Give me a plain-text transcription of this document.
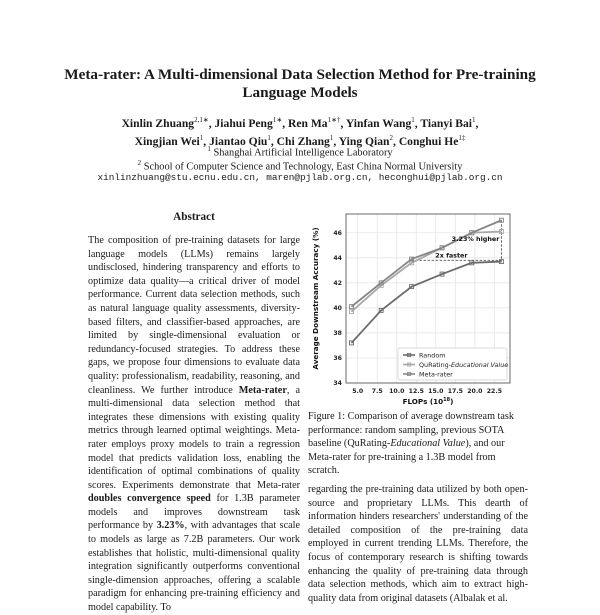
Meta-rater: A Multi-dimensional Data Selection Method for Pre-training
Language Models
Xinlin Zhuang$^{2,1∗}$, Jiahui Peng$^{1∗}$, Ren $Ma^{1∗\dagger}$, Yinfan Wang$^1$, Tianyi Bai$^1$,
Xingjian Wei$^1$, Jiantao Qiu$^1$, Chi Zhang$^1$, Ying Qian$^2$, Conghui $He^{1\ddagger}$
$^1$ Shanghai Artificial Intelligence Laboratory
$^2$ School of Computer Science and Technology, East China Normal University
xinlinzhuang@stu.ecnu.edu.cn, maren@pjlab.org.cn, heconghui@pjlab.org.cn
Abstract
The composition of pre-training datasets for large language models (LLMs) remains largely undisclosed, hindering transparency and efforts to optimize data quality—a critical driver of model performance. Current data selection methods, such as natural language quality assessments, diversity-based filters, and classifier-based approaches, are limited by single-dimensional evaluation or redundancy-focused strategies. To address these gaps, we propose four dimensions to evaluate data quality: professionalism, readability, reasoning, and cleanliness. We further introduce Meta-rater, a multi-dimensional data selection method that integrates these dimensions with existing quality metrics through learned optimal weightings. Meta-rater employs proxy models to train a regression model that predicts validation loss, enabling the identification of optimal combinations of quality scores. Experiments demonstrate that Meta-rater doubles convergence speed for 1.3B parameter models and improves downstream task performance by 3.23%, with advantages that scale to models as large as 7.2B parameters. Our work establishes that holistic, multi-dimensional quality integration significantly outperforms conventional single-dimension approaches, offering a scalable paradigm for enhancing pre-training efficiency and model capability. To
5.0 7.5 10.0 12.5 15.0 17.5 20.0 22.5
34
36
38
40
42
44
46
3.23% higher
2x faster
FLOPs $(10^{18})$
Average Downstream Accuracy (%)	Random
QuRating-Educational Value
Meta-rater
Figure 1: Comparison of average downstream task performance: random sampling, previous SOTA baseline (QuRating-Educational Value), and our Meta-rater for pre-training a 1.3B model from scratch.
regarding the pre-training data utilized by both open-source and proprietary LLMs. This dearth of information hinders researchers' understanding of the detailed composition of the pre-training data employed in current trending LLMs. Therefore, the focus of contemporary research is shifting towards enhancing the quality of pre-training data through data selection methods, which aim to extract high-quality data from original datasets (Albalak et al.
